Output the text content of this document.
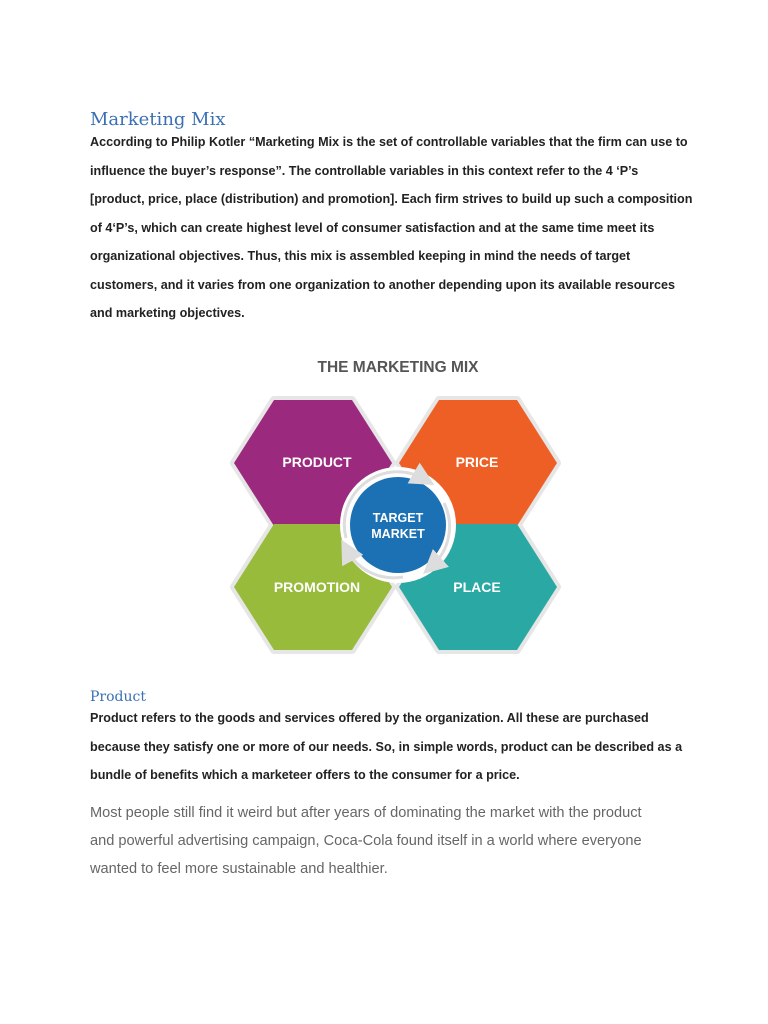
Marketing Mix

According to Philip Kotler “Marketing Mix is the set of controllable variables that the firm can use to
influence the buyer’s response”. The controllable variables in this context refer to the 4 ‘P’s
[product, price, place (distribution) and promotion]. Each firm strives to build up such a composition
of 4‘P’s, which can create highest level of consumer satisfaction and at the same time meet its
organizational objectives. Thus, this mix is assembled keeping in mind the needs of target
customers, and it varies from one organization to another depending upon its available resources
and marketing objectives.

THE MARKETING MIX
PRODUCT	PRICE
PROMOTION	PLACE
TARGET
MARKET
Product

Product refers to the goods and services offered by the organization. All these are purchased
because they satisfy one or more of our needs. So, in simple words, product can be described as a
bundle of benefits which a marketeer offers to the consumer for a price.

Most people still find it weird but after years of dominating the market with the product
and powerful advertising campaign, Coca-Cola found itself in a world where everyone
wanted to feel more sustainable and healthier.
